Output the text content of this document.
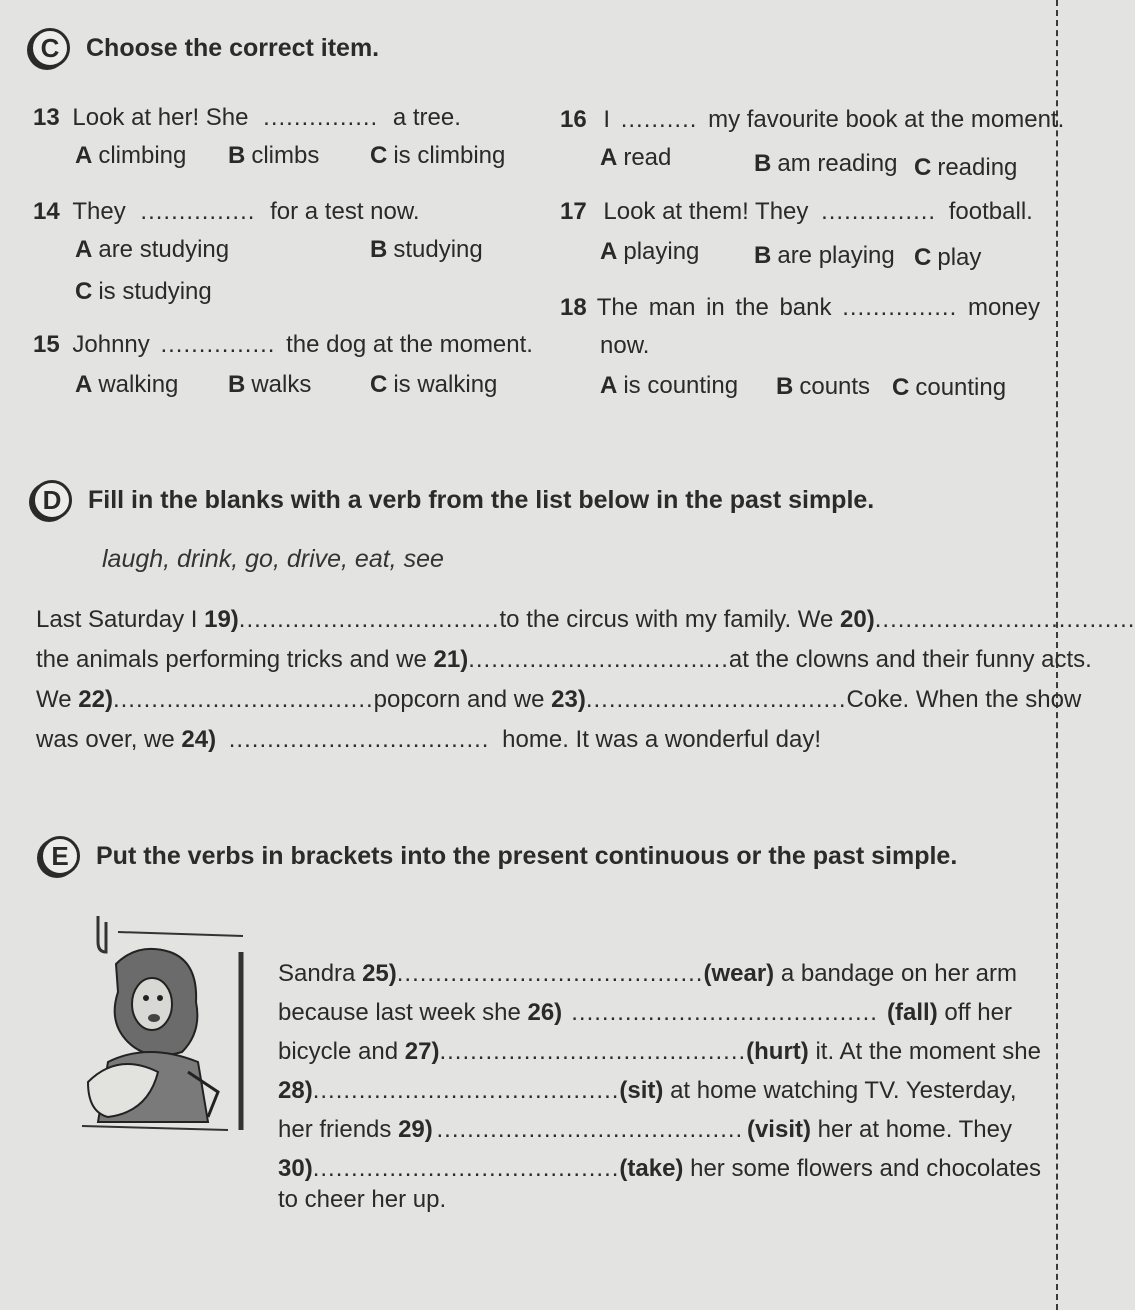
C	Choose the correct item.
13 Look at her! She ............... a tree.
A climbing B climbs C is climbing
14 They ............... for a test now.
A are studying	B studying
C is studying
15 Johnny ............... the dog at the moment.
A walking B walks C is walking
16 I .......... my favourite book at the moment.
A read	B am reading C reading
17 Look at them! They ............... football.
A playing B are playing C play
18 The man in the bank ............... money
now.
A is counting B counts C counting
D	Fill in the blanks with a verb from the list below in the past simple.
laugh, drink, go, drive, eat, see
Last Saturday I 19) .................................. to the circus with my family. We 20) ..................................
the animals performing tricks and we 21) .................................. at the clowns and their funny acts.
We 22) .................................. popcorn and we 23) .................................. Coke. When the show
was over, we 24) .................................. home. It was a wonderful day!
E	Put the verbs in brackets into the present continuous or the past simple.
Sandra 25) ........................................ (wear) a bandage on her arm
because last week she 26) ........................................ (fall) off her
bicycle and 27) ........................................ (hurt) it. At the moment she
28) ........................................ (sit) at home watching TV. Yesterday,
her friends 29) ........................................ (visit) her at home. They
30) ........................................ (take) her some flowers and chocolates
to cheer her up.
